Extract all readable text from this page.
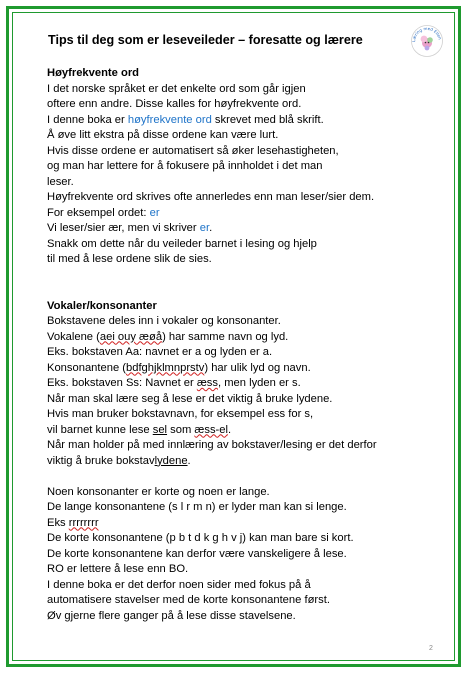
Tips til deg som er leseveileder – foresatte og lærere	Læring med Ellen
Høyfrekvente ord
I det norske språket er det enkelte ord som går igjen
oftere enn andre. Disse kalles for høyfrekvente ord.
I denne boka er høyfrekvente ord skrevet med blå skrift.
Å øve litt ekstra på disse ordene kan være lurt.
Hvis disse ordene er automatisert så øker lesehastigheten,
og man har lettere for å fokusere på innholdet i det man
leser.
Høyfrekvente ord skrives ofte annerledes enn man leser/sier dem.
For eksempel ordet: er
Vi leser/sier ær, men vi skriver er.
Snakk om dette når du veileder barnet i lesing og hjelp
til med å lese ordene slik de sies.
Vokaler/konsonanter
Bokstavene deles inn i vokaler og konsonanter.
Vokalene (aei ouy æøå) har samme navn og lyd.
Eks. bokstaven Aa: navnet er a og lyden er a.
Konsonantene (bdfghjklmnprstv) har ulik lyd og navn.
Eks. bokstaven Ss: Navnet er æss, men lyden er s.
Når man skal lære seg å lese er det viktig å bruke lydene.
Hvis man bruker bokstavnavn, for eksempel ess for s,
vil barnet kunne lese sel som æss-el.
Når man holder på med innlæring av bokstaver/lesing er det derfor
viktig å bruke bokstavlydene.
Noen konsonanter er korte og noen er lange.
De lange konsonantene (s l r m n) er lyder man kan si lenge.
Eks rrrrrrrr
De korte konsonantene (p b t d k g h v j) kan man bare si kort.
De korte konsonantene kan derfor være vanskeligere å lese.
RO er lettere å lese enn BO.
I denne boka er det derfor noen sider med fokus på å
automatisere stavelser med de korte konsonantene først.
Øv gjerne flere ganger på å lese disse stavelsene.
2
